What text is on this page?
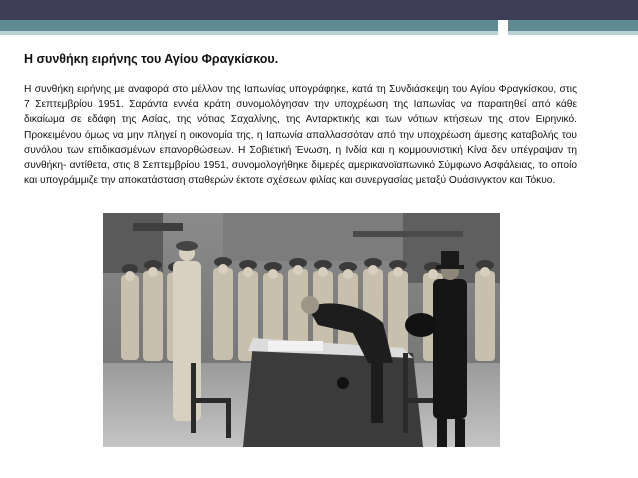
Η συνθήκη ειρήνης του Αγίου Φραγκίσκου.

Η συνθήκη ειρήνης με αναφορά στο μέλλον της Ιαπωνίας υπογράφηκε, κατά τη Συνδιάσκεψη του Αγίου Φραγκίσκου, στις 7 Σεπτεμβρίου 1951. Σαράντα εννέα κράτη συνομολόγησαν την υποχρέωση της Ιαπωνίας να παραιτηθεί από κάθε δικαίωμα σε εδάφη της Ασίας, της νότιας Σαχαλίνης, της Ανταρκτικής και των νότιων κτήσεων της στον Ειρηνικό. Προκειμένου όμως να μην πληγεί η οικονομία της, η Ιαπωνία απαλλασσόταν από την υποχρέωση άμεσης καταβολής του συνόλου των επιδικασμένων επανορθώσεων. Η Σοβιετική Ένωση, η Ινδία και η κομμουνιστική Κίνα δεν υπέγραψαν τη συνθήκη- αντίθετα, στις 8 Σεπτεμβρίου 1951, συνομολογήθηκε διμερές αμερικανοϊαπωνικό Σύμφωνο Ασφάλειας, το οποίο και υπογράμμιζε την αποκατάσταση σταθερών έκτοτε σχέσεων φιλίας και συνεργασίας μεταξύ Ουάσινγκτον και Τόκυο.
